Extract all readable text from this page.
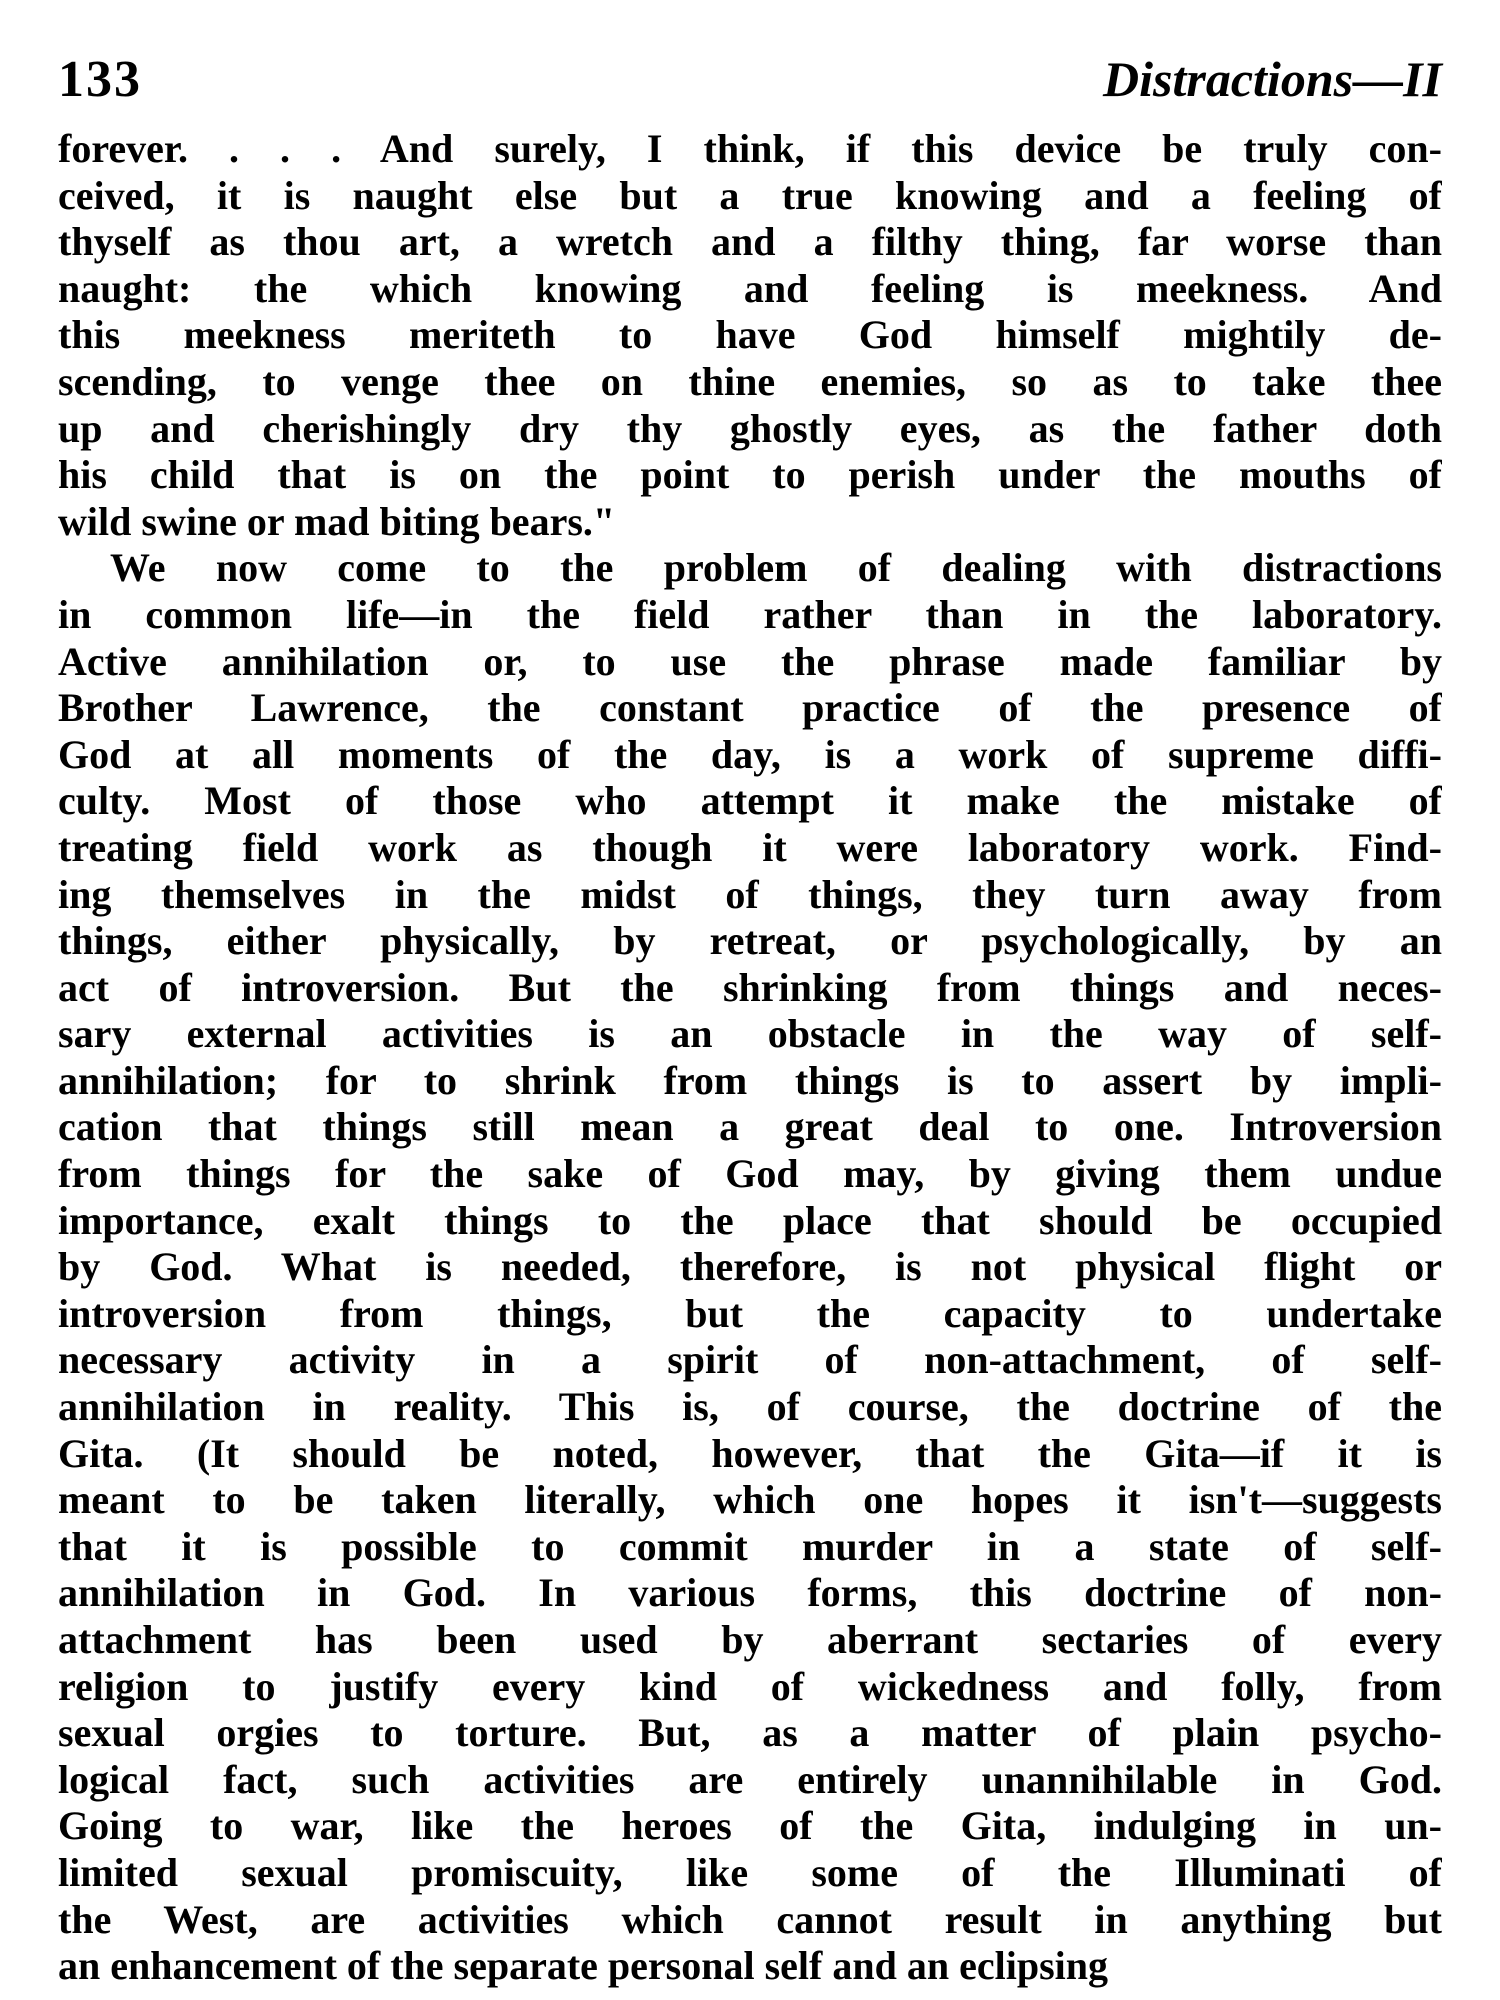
133	Distractions—II
forever. . . . And surely, I think, if this device be truly con-
ceived, it is naught else but a true knowing and a feeling of
thyself as thou art, a wretch and a filthy thing, far worse than
naught: the which knowing and feeling is meekness. And
this meekness meriteth to have God himself mightily de-
scending, to venge thee on thine enemies, so as to take thee
up and cherishingly dry thy ghostly eyes, as the father doth
his child that is on the point to perish under the mouths of
wild swine or mad biting bears."
We now come to the problem of dealing with distractions
in common life—in the field rather than in the laboratory.
Active annihilation or, to use the phrase made familiar by
Brother Lawrence, the constant practice of the presence of
God at all moments of the day, is a work of supreme diffi-
culty. Most of those who attempt it make the mistake of
treating field work as though it were laboratory work. Find-
ing themselves in the midst of things, they turn away from
things, either physically, by retreat, or psychologically, by an
act of introversion. But the shrinking from things and neces-
sary external activities is an obstacle in the way of self-
annihilation; for to shrink from things is to assert by impli-
cation that things still mean a great deal to one. Introversion
from things for the sake of God may, by giving them undue
importance, exalt things to the place that should be occupied
by God. What is needed, therefore, is not physical flight or
introversion from things, but the capacity to undertake
necessary activity in a spirit of non-attachment, of self-
annihilation in reality. This is, of course, the doctrine of the
Gita. (It should be noted, however, that the Gita—if it is
meant to be taken literally, which one hopes it isn't—suggests
that it is possible to commit murder in a state of self-
annihilation in God. In various forms, this doctrine of non-
attachment has been used by aberrant sectaries of every
religion to justify every kind of wickedness and folly, from
sexual orgies to torture. But, as a matter of plain psycho-
logical fact, such activities are entirely unannihilable in God.
Going to war, like the heroes of the Gita, indulging in un-
limited sexual promiscuity, like some of the Illuminati of
the West, are activities which cannot result in anything but
an enhancement of the separate personal self and an eclipsing
